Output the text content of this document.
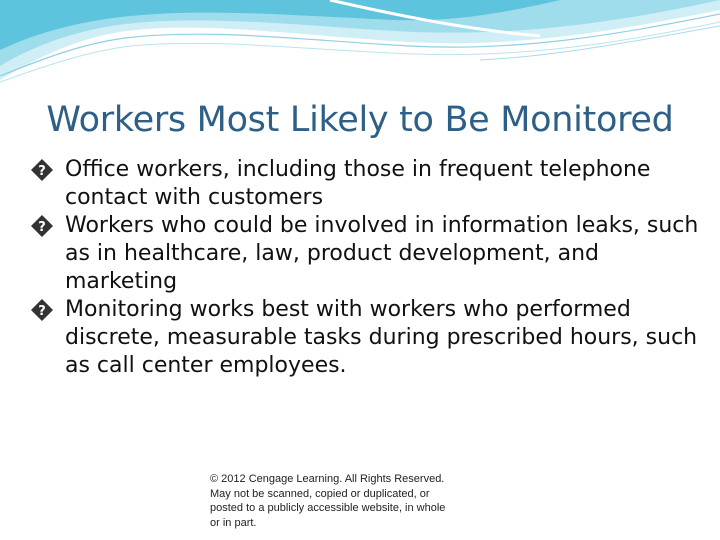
Workers Most Likely to Be Monitored
? Office workers, including those in frequent telephone contact with customers
? Workers who could be involved in information leaks, such as in healthcare, law, product development, and marketing
? Monitoring works best with workers who performed discrete, measurable tasks during prescribed hours, such as call center employees.
© 2012 Cengage Learning. All Rights Reserved.
May not be scanned, copied or duplicated, or
posted to a publicly accessible website, in whole
or in part.
